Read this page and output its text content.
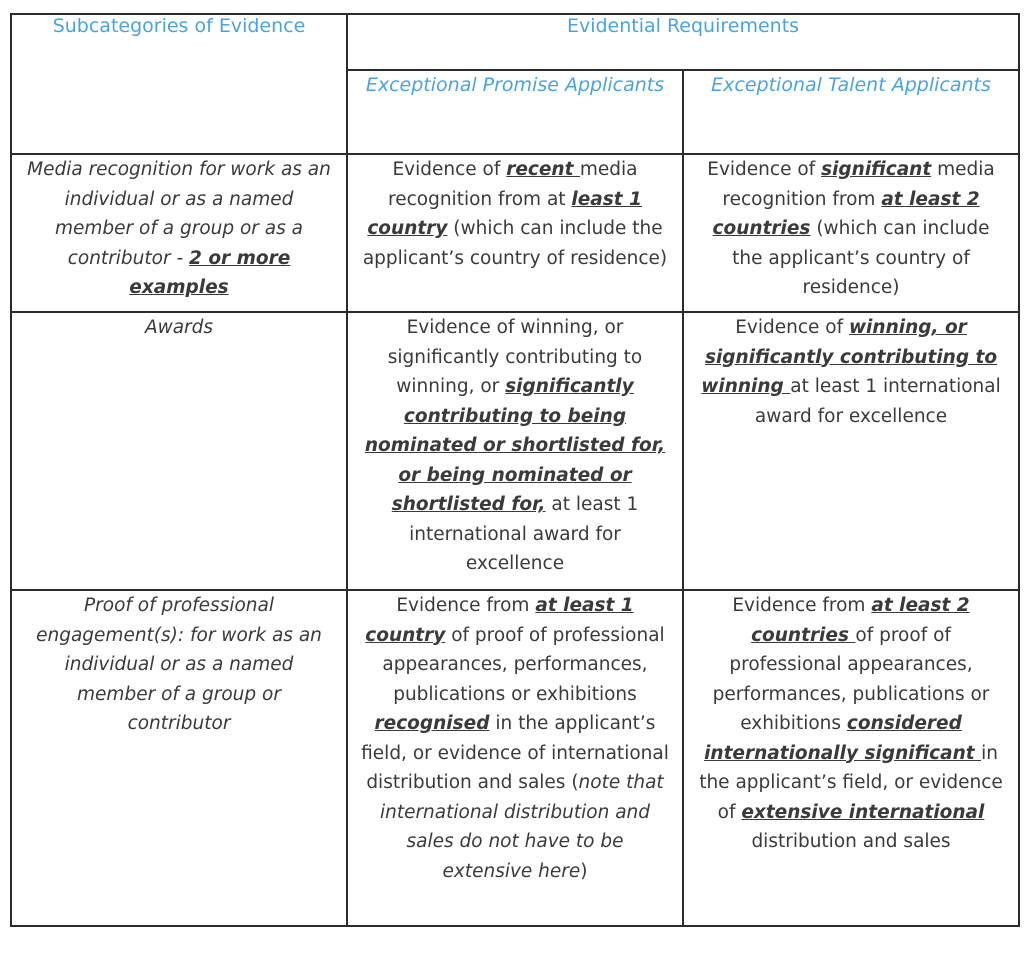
Subcategories of Evidence	Evidential Requirements	
	Exceptional Promise Applicants	Exceptional Talent Applicants
Media recognition for work as an individual or as a named member of a group or as a contributor - 2 or more examples	Evidence of recent media recognition from at least 1 country (which can include the applicant’s country of residence)	Evidence of significant media recognition from at least 2 countries (which can include the applicant’s country of residence)
Awards	Evidence of winning, or significantly contributing to winning, or significantly contributing to being nominated or shortlisted for, or being nominated or shortlisted for, at least 1 international award for excellence	Evidence of winning, or significantly contributing to winning at least 1 international award for excellence
Proof of professional engagement(s): for work as an individual or as a named member of a group or contributor	Evidence from at least 1 country of proof of professional appearances, performances, publications or exhibitions recognised in the applicant’s field, or evidence of international distribution and sales (note that international distribution and sales do not have to be extensive here)	Evidence from at least 2 countries of proof of professional appearances, performances, publications or exhibitions considered internationally significant in the applicant’s field, or evidence of extensive international distribution and sales
